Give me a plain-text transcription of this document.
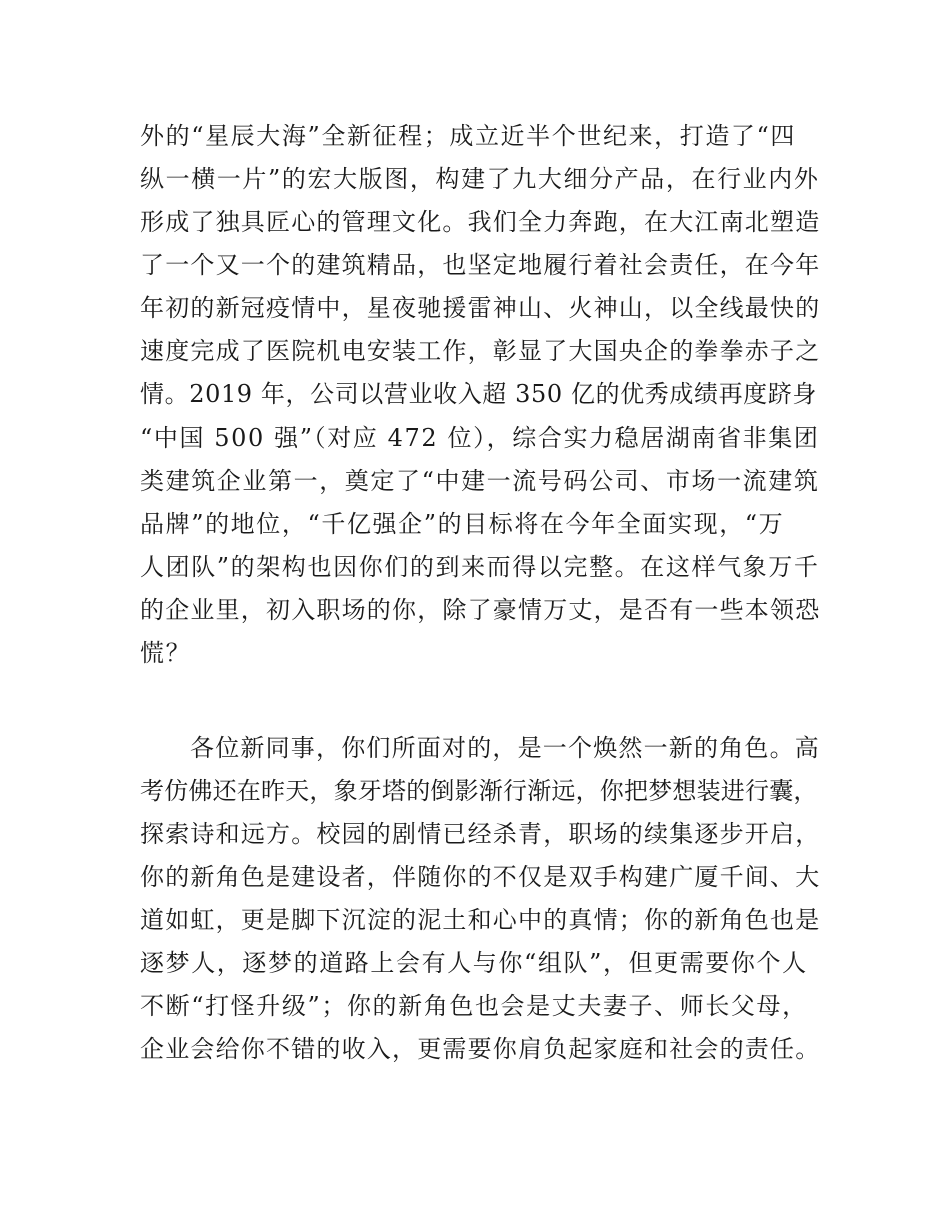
外的“星辰大海”全新征程；成立近半个世纪来，打造了“四
纵一横一片”的宏大版图，构建了九大细分产品，在行业内外
形成了独具匠心的管理文化。我们全力奔跑，在大江南北塑造
了一个又一个的建筑精品，也坚定地履行着社会责任，在今年
年初的新冠疫情中，星夜驰援雷神山、火神山，以全线最快的
速度完成了医院机电安装工作，彰显了大国央企的拳拳赤子之
情。2019 年，公司以营业收入超 350 亿的优秀成绩再度跻身
“中国 500 强”（对应 472 位），综合实力稳居湖南省非集团
类建筑企业第一，奠定了“中建一流号码公司、市场一流建筑
品牌”的地位，“千亿强企”的目标将在今年全面实现，“万
人团队”的架构也因你们的到来而得以完整。在这样气象万千
的企业里，初入职场的你，除了豪情万丈，是否有一些本领恐
慌？
各位新同事，你们所面对的，是一个焕然一新的角色。高
考仿佛还在昨天，象牙塔的倒影渐行渐远，你把梦想装进行囊，
探索诗和远方。校园的剧情已经杀青，职场的续集逐步开启，
你的新角色是建设者，伴随你的不仅是双手构建广厦千间、大
道如虹，更是脚下沉淀的泥土和心中的真情；你的新角色也是
逐梦人，逐梦的道路上会有人与你“组队”，但更需要你个人
不断“打怪升级”；你的新角色也会是丈夫妻子、师长父母，
企业会给你不错的收入，更需要你肩负起家庭和社会的责任。
